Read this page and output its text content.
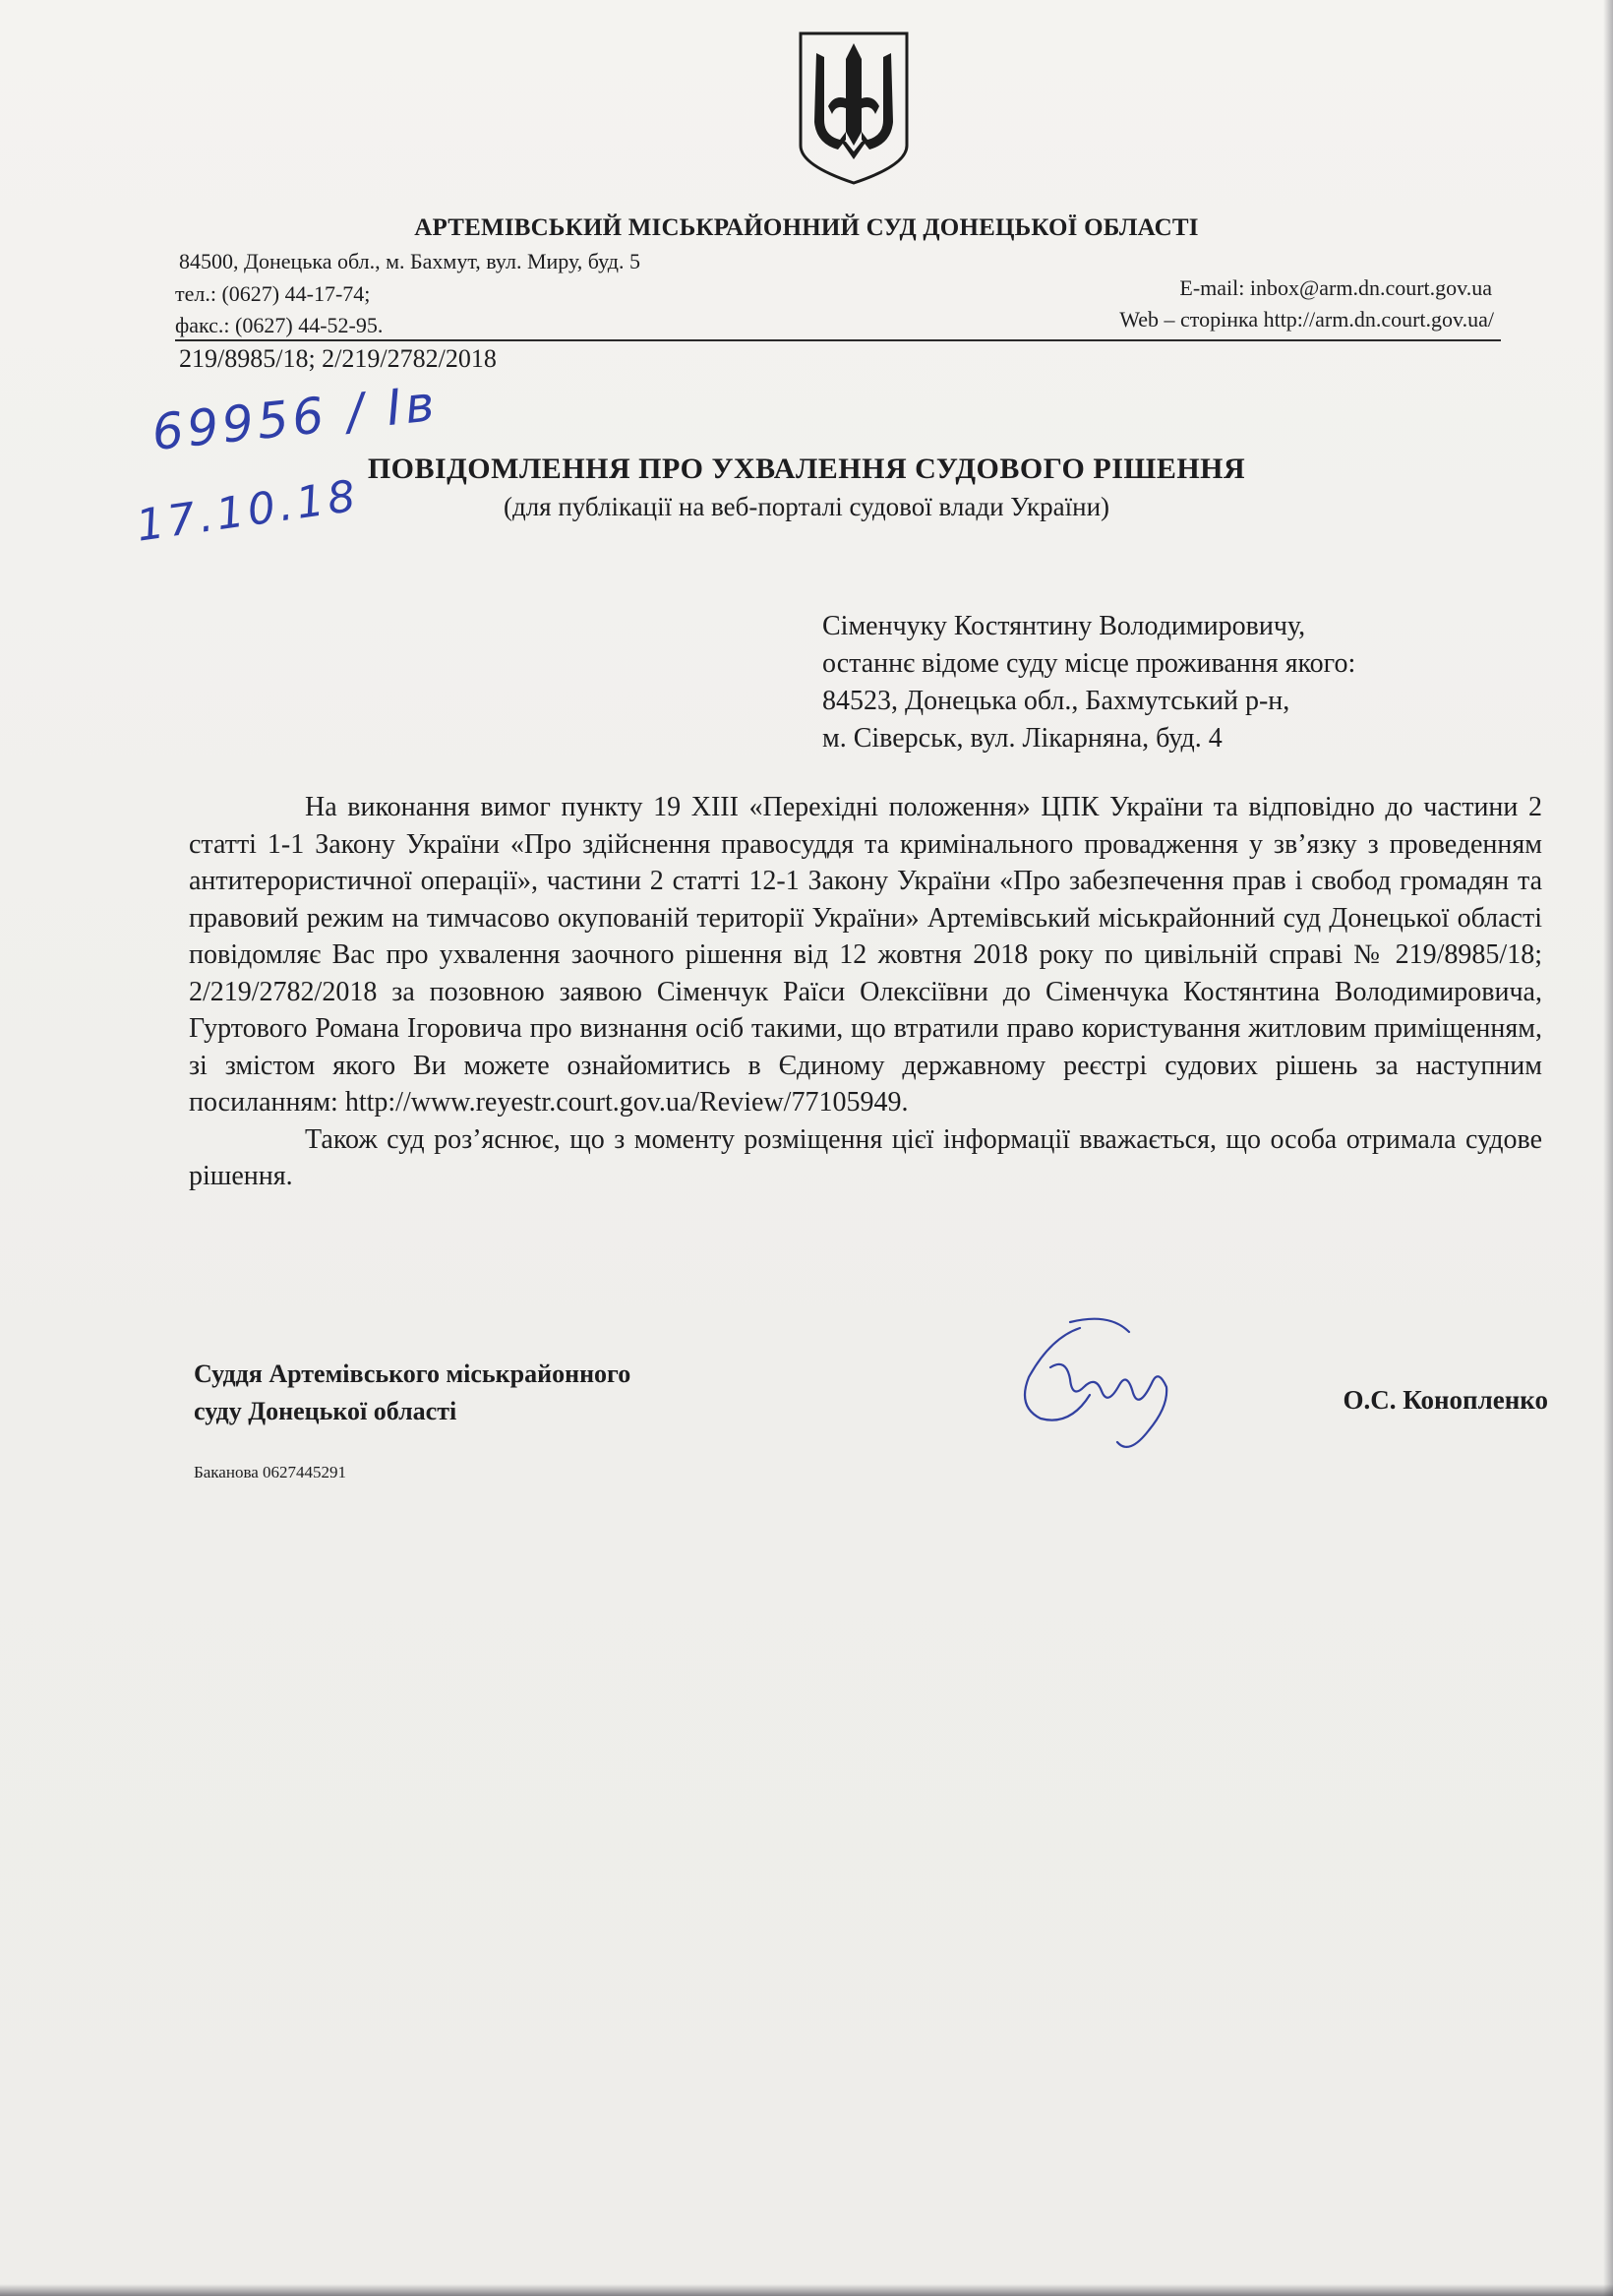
АРТЕМІВСЬКИЙ МІСЬКРАЙОННИЙ СУД ДОНЕЦЬКОЇ ОБЛАСТІ
84500, Донецька обл., м. Бахмут, вул. Миру, буд. 5
тел.: (0627) 44-17-74;
факс.: (0627) 44-52-95.
E-mail: inbox@arm.dn.court.gov.ua
Web – сторінка http://arm.dn.court.gov.ua/
219/8985/18; 2/219/2782/2018
69956 / Ів
17.10.18
ПОВІДОМЛЕННЯ ПРО УХВАЛЕННЯ СУДОВОГО РІШЕННЯ
(для публікації на веб-порталі судової влади України)
Сіменчуку Костянтину Володимировичу,
останнє відоме суду місце проживання якого:
84523, Донецька обл., Бахмутський р-н,
м. Сіверськ, вул. Лікарняна, буд. 4

На виконання вимог пункту 19 ХІІІ «Перехідні положення» ЦПК України та відповідно до частини 2 статті 1-1 Закону України «Про здійснення правосуддя та кримінального провадження у зв’язку з проведенням антитерористичної операції», частини 2 статті 12-1 Закону України «Про забезпечення прав і свобод громадян та правовий режим на тимчасово окупованій території України» Артемівський міськрайонний суд Донецької області повідомляє Вас про ухвалення заочного рішення від 12 жовтня 2018 року по цивільній справі № 219/8985/18; 2/219/2782/2018 за позовною заявою Сіменчук Раїси Олексіївни до Сіменчука Костянтина Володимировича, Гуртового Романа Ігоровича про визнання осіб такими, що втратили право користування житловим приміщенням, зі змістом якого Ви можете ознайомитись в Єдиному державному реєстрі судових рішень за наступним посиланням: http://www.reyestr.court.gov.ua/Review/77105949.

Також суд роз’яснює, що з моменту розміщення цієї інформації вважається, що особа отримала судове рішення.

Суддя Артемівського міськрайонного
суду Донецької області	О.С. Конопленко
Баканова 0627445291
